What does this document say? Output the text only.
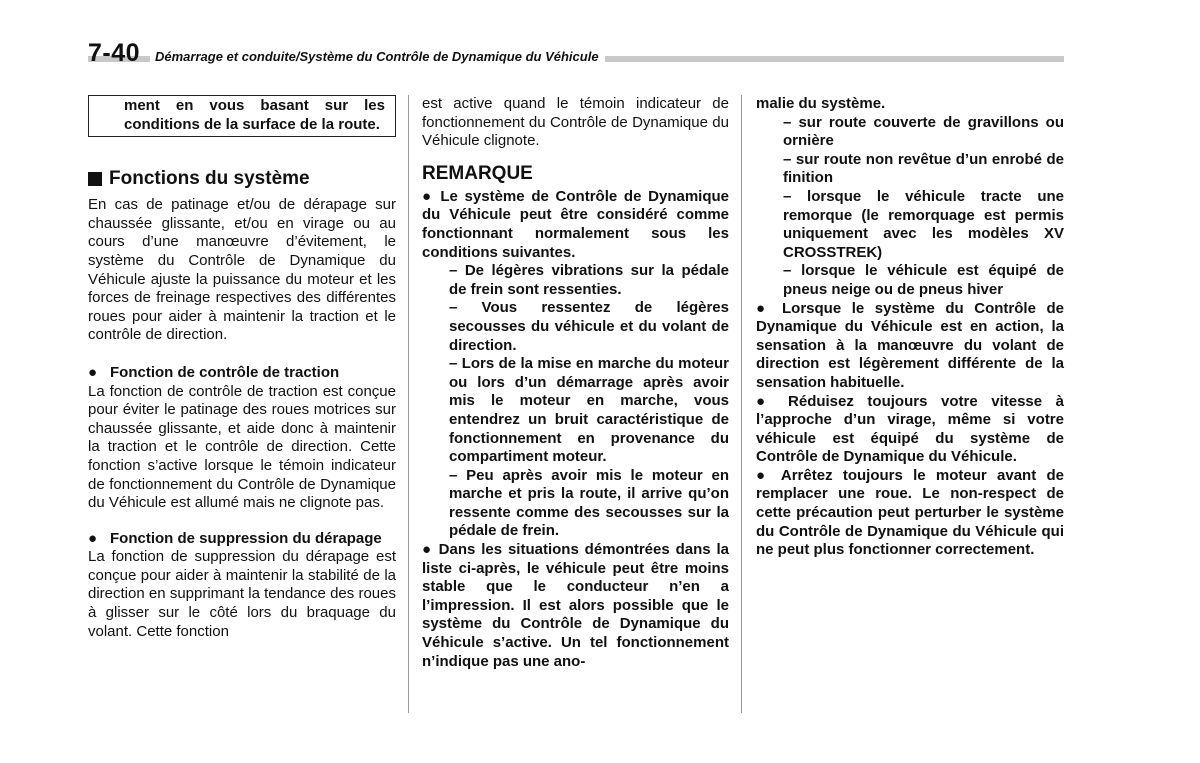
7-40	Démarrage et conduite/Système du Contrôle de Dynamique du Véhicule

ment en vous basant sur les conditions de la surface de la route.

Fonctions du système

En cas de patinage et/ou de dérapage sur chaussée glissante, et/ou en virage ou au cours d’une manœuvre d’évitement, le système du Contrôle de Dynamique du Véhicule ajuste la puissance du moteur et les forces de freinage respectives des différentes roues pour aider à maintenir la traction et le contrôle de direction.

● Fonction de contrôle de traction

La fonction de contrôle de traction est conçue pour éviter le patinage des roues motrices sur chaussée glissante, et aide donc à maintenir la traction et le contrôle de direction. Cette fonction s’active lorsque le témoin indicateur de fonctionnement du Contrôle de Dynamique du Véhicule est allumé mais ne clignote pas.

● Fonction de suppression du dérapage

La fonction de suppression du dérapage est conçue pour aider à maintenir la stabilité de la direction en supprimant la tendance des roues à glisser sur le côté lors du braquage du volant. Cette fonction

est active quand le témoin indicateur de fonctionnement du Contrôle de Dynamique du Véhicule clignote.

REMARQUE

● Le système de Contrôle de Dynamique du Véhicule peut être considéré comme fonctionnant normalement sous les conditions suivantes.

– De légères vibrations sur la pédale de frein sont ressenties.

– Vous ressentez de légères secousses du véhicule et du volant de direction.

– Lors de la mise en marche du moteur ou lors d’un démarrage après avoir mis le moteur en marche, vous entendrez un bruit caractéristique de fonctionnement en provenance du compartiment moteur.

– Peu après avoir mis le moteur en marche et pris la route, il arrive qu’on ressente comme des secousses sur la pédale de frein.

● Dans les situations démontrées dans la liste ci-après, le véhicule peut être moins stable que le conducteur n’en a l’impression. Il est alors possible que le système du Contrôle de Dynamique du Véhicule s’active. Un tel fonctionnement n’indique pas une ano-

malie du système.

– sur route couverte de gravillons ou ornière

– sur route non revêtue d’un enrobé de finition

– lorsque le véhicule tracte une remorque (le remorquage est permis uniquement avec les modèles XV CROSSTREK)

– lorsque le véhicule est équipé de pneus neige ou de pneus hiver

● Lorsque le système du Contrôle de Dynamique du Véhicule est en action, la sensation à la manœuvre du volant de direction est légèrement différente de la sensation habituelle.

● Réduisez toujours votre vitesse à l’approche d’un virage, même si votre véhicule est équipé du système de Contrôle de Dynamique du Véhicule.

● Arrêtez toujours le moteur avant de remplacer une roue. Le non-respect de cette précaution peut perturber le système du Contrôle de Dynamique du Véhicule qui ne peut plus fonctionner correctement.
